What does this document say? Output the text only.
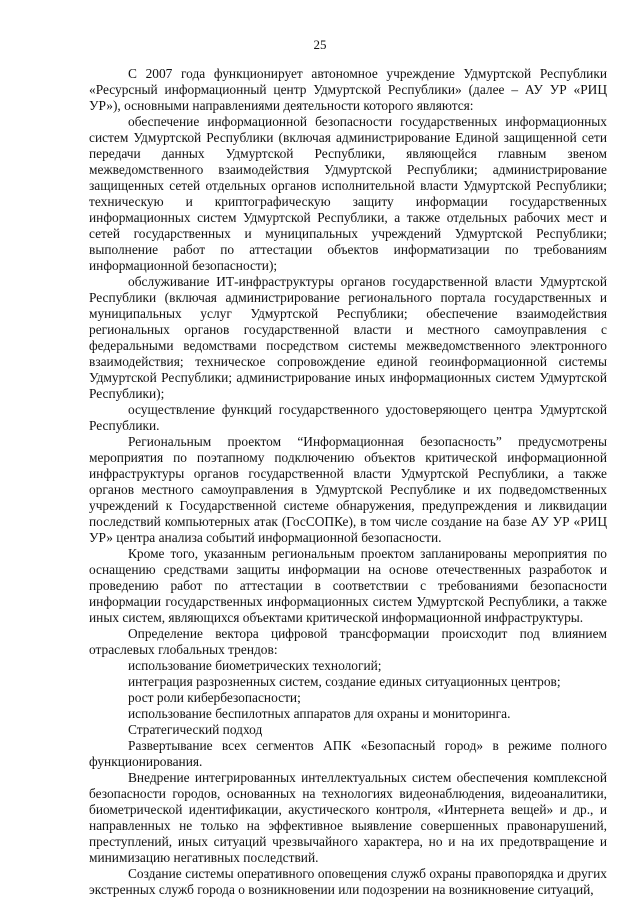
25

С 2007 года функционирует автономное учреждение Удмуртской Республики «Ресурсный информационный центр Удмуртской Республики» (далее – АУ УР «РИЦ УР»), основными направлениями деятельности которого являются:

обеспечение информационной безопасности государственных информационных систем Удмуртской Республики (включая администрирование Единой защищенной сети передачи данных Удмуртской Республики, являющейся главным звеном межведомственного взаимодействия Удмуртской Республики; администрирование защищенных сетей отдельных органов исполнительной власти Удмуртской Республики; техническую и криптографическую защиту информации государственных информационных систем Удмуртской Республики, а также отдельных рабочих мест и сетей государственных и муниципальных учреждений Удмуртской Республики; выполнение работ по аттестации объектов информатизации по требованиям информационной безопасности);

обслуживание ИТ-инфраструктуры органов государственной власти Удмуртской Республики (включая администрирование регионального портала государственных и муниципальных услуг Удмуртской Республики; обеспечение взаимодействия региональных органов государственной власти и местного самоуправления с федеральными ведомствами посредством системы межведомственного электронного взаимодействия; техническое сопровождение единой геоинформационной системы Удмуртской Республики; администрирование иных информационных систем Удмуртской Республики);

осуществление функций государственного удостоверяющего центра Удмуртской Республики.

Региональным проектом “Информационная безопасность” предусмотрены мероприятия по поэтапному подключению объектов критической информационной инфраструктуры органов государственной власти Удмуртской Республики, а также органов местного самоуправления в Удмуртской Республике и их подведомственных учреждений к Государственной системе обнаружения, предупреждения и ликвидации последствий компьютерных атак (ГосСОПКе), в том числе создание на базе АУ УР «РИЦ УР» центра анализа событий информационной безопасности.

Кроме того, указанным региональным проектом запланированы мероприятия по оснащению средствами защиты информации на основе отечественных разработок и проведению работ по аттестации в соответствии с требованиями безопасности информации государственных информационных систем Удмуртской Республики, а также иных систем, являющихся объектами критической информационной инфраструктуры.

Определение вектора цифровой трансформации происходит под влиянием отраслевых глобальных трендов:

использование биометрических технологий;

интеграция разрозненных систем, создание единых ситуационных центров;

рост роли кибербезопасности;

использование беспилотных аппаратов для охраны и мониторинга.

Стратегический подход

Развертывание всех сегментов АПК «Безопасный город» в режиме полного функционирования.

Внедрение интегрированных интеллектуальных систем обеспечения комплексной безопасности городов, основанных на технологиях видеонаблюдения, видеоаналитики, биометрической идентификации, акустического контроля, «Интернета вещей» и др., и направленных не только на эффективное выявление совершенных правонарушений, преступлений, иных ситуаций чрезвычайного характера, но и на их предотвращение и минимизацию негативных последствий.

Создание системы оперативного оповещения служб охраны правопорядка и других экстренных служб города о возникновении или подозрении на возникновение ситуаций,
